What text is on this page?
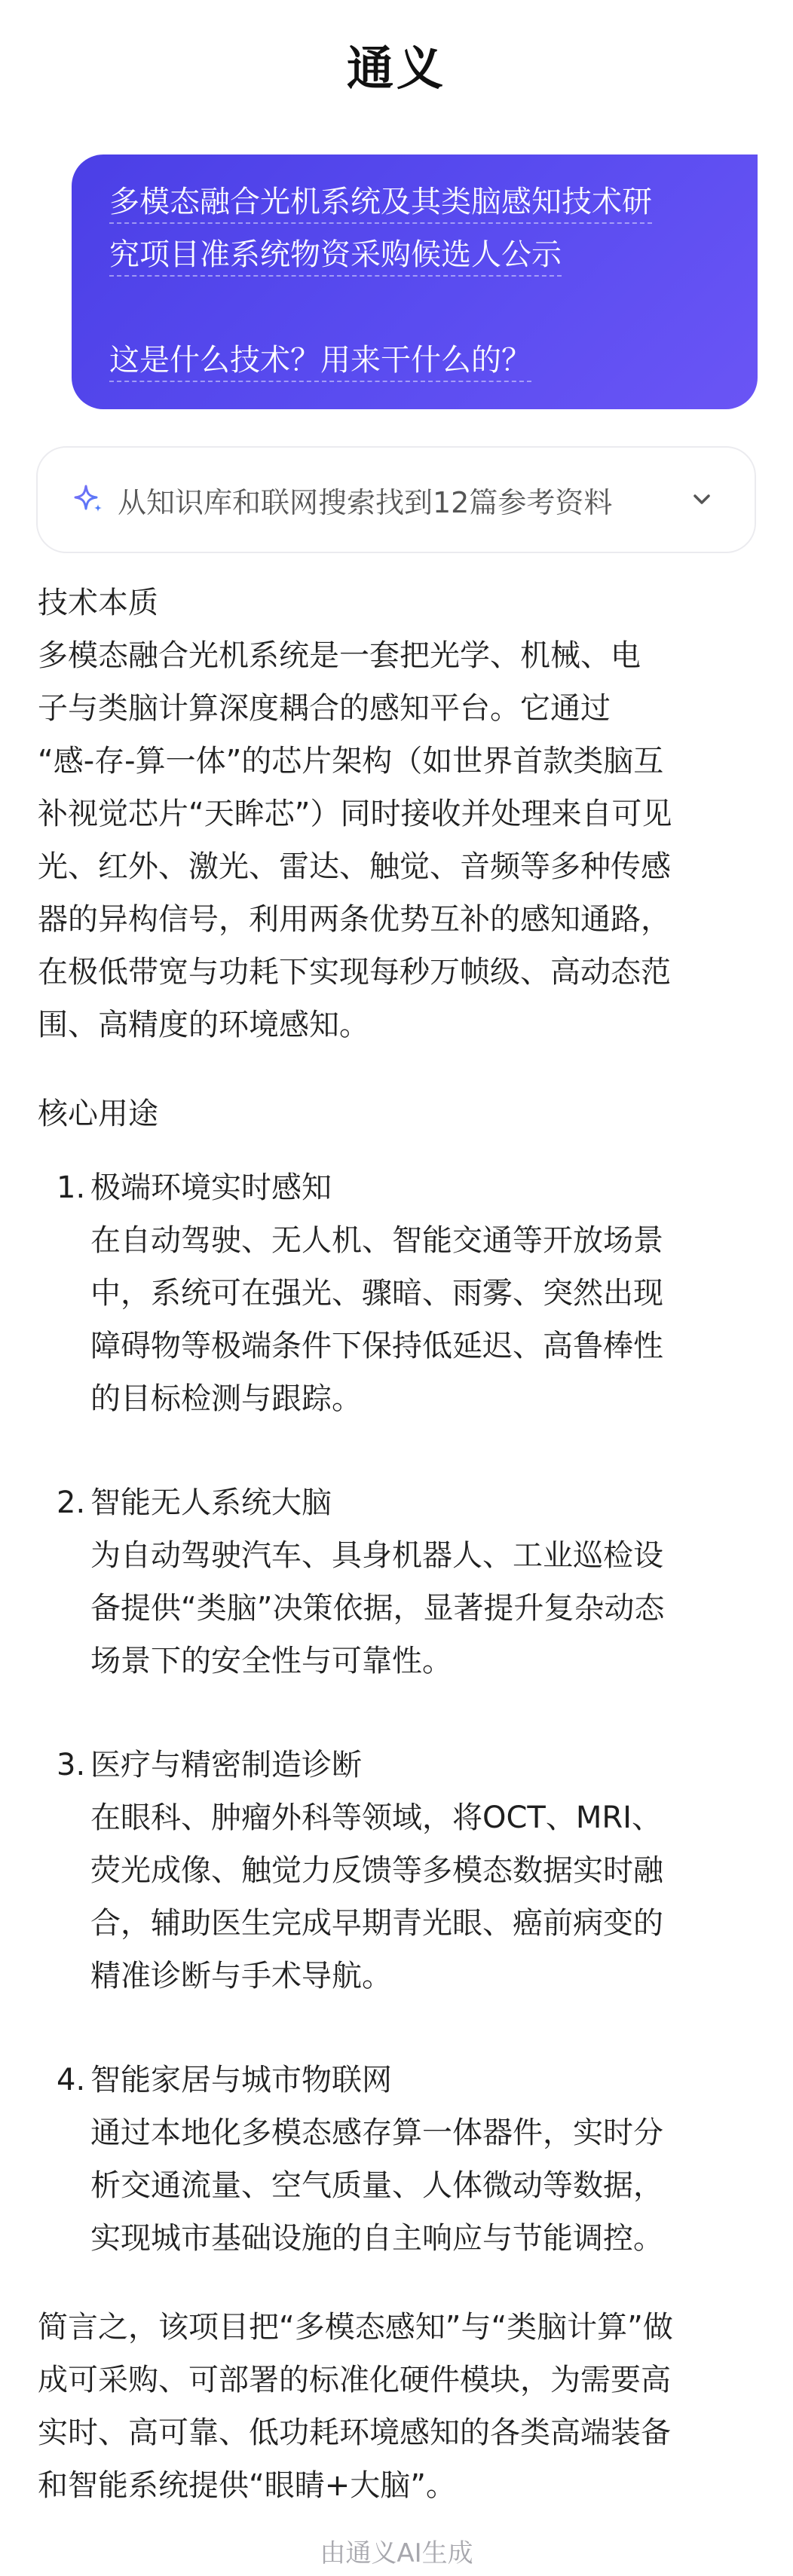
通义
多模态融合光机系统及其类脑感知技术研
究项目准系统物资采购候选人公示
这是什么技术？用来干什么的？
从知识库和联网搜索找到12篇参考资料
技术本质

多模态融合光机系统是一套把光学、机械、电
子与类脑计算深度耦合的感知平台。它通过
“感-存-算一体”的芯片架构（如世界首款类脑互
补视觉芯片“天眸芯”）同时接收并处理来自可见
光、红外、激光、雷达、触觉、音频等多种传感
器的异构信号，利用两条优势互补的感知通路，
在极低带宽与功耗下实现每秒万帧级、高动态范
围、高精度的环境感知。

核心用途
1. 极端环境实时感知
在自动驾驶、无人机、智能交通等开放场景
中，系统可在强光、骤暗、雨雾、突然出现
障碍物等极端条件下保持低延迟、高鲁棒性
的目标检测与跟踪。
2. 智能无人系统大脑
为自动驾驶汽车、具身机器人、工业巡检设
备提供“类脑”决策依据，显著提升复杂动态
场景下的安全性与可靠性。
3. 医疗与精密制造诊断
在眼科、肿瘤外科等领域，将OCT、MRI、
荧光成像、触觉力反馈等多模态数据实时融
合，辅助医生完成早期青光眼、癌前病变的
精准诊断与手术导航。
4. 智能家居与城市物联网
通过本地化多模态感存算一体器件，实时分
析交通流量、空气质量、人体微动等数据，
实现城市基础设施的自主响应与节能调控。

简言之，该项目把“多模态感知”与“类脑计算”做
成可采购、可部署的标准化硬件模块，为需要高
实时、高可靠、低功耗环境感知的各类高端装备
和智能系统提供“眼睛+大脑”。

由通义AI生成
